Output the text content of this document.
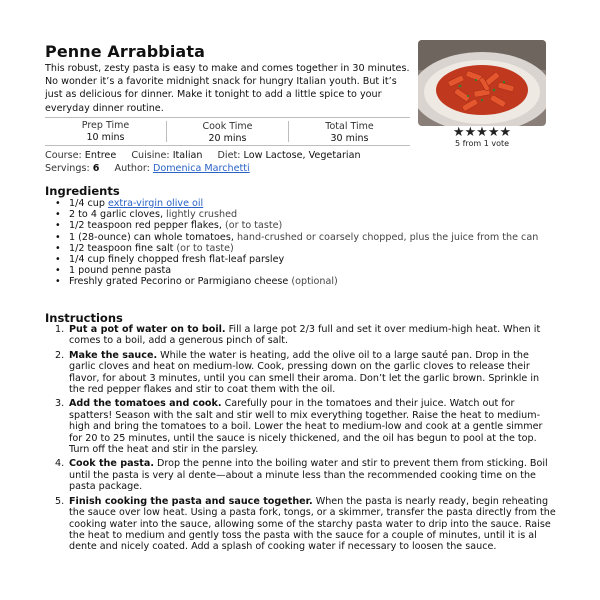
Penne Arrabbiata
This robust, zesty pasta is easy to make and comes together in 30 minutes. No wonder it’s a favorite midnight snack for hungry Italian youth. But it’s just as delicious for dinner. Make it tonight to add a little spice to your everyday dinner routine.
★★★★★
5 from 1 vote
Prep Time
10 mins
Cook Time
20 mins
Total Time
30 mins
Course: Entree Cuisine: Italian Diet: Low Lactose, Vegetarian
Servings: 6 Author: Domenica Marchetti
Ingredients
• 1/4 cup extra-virgin olive oil
• 2 to 4 garlic cloves, lightly crushed
• 1/2 teaspoon red pepper flakes, (or to taste)
• 1 (28-ounce) can whole tomatoes, hand-crushed or coarsely chopped, plus the juice from the can
• 1/2 teaspoon fine salt (or to taste)
• 1/4 cup finely chopped fresh flat-leaf parsley
• 1 pound penne pasta
• Freshly grated Pecorino or Parmigiano cheese (optional)
Instructions
1. Put a pot of water on to boil. Fill a large pot 2/3 full and set it over medium-high heat. When it comes to a boil, add a generous pinch of salt.
2. Make the sauce. While the water is heating, add the olive oil to a large sauté pan. Drop in the garlic cloves and heat on medium-low. Cook, pressing down on the garlic cloves to release their flavor, for about 3 minutes, until you can smell their aroma. Don’t let the garlic brown. Sprinkle in the red pepper flakes and stir to coat them with the oil.
3. Add the tomatoes and cook. Carefully pour in the tomatoes and their juice. Watch out for spatters! Season with the salt and stir well to mix everything together. Raise the heat to medium-high and bring the tomatoes to a boil. Lower the heat to medium-low and cook at a gentle simmer for 20 to 25 minutes, until the sauce is nicely thickened, and the oil has begun to pool at the top. Turn off the heat and stir in the parsley.
4. Cook the pasta. Drop the penne into the boiling water and stir to prevent them from sticking. Boil until the pasta is very al dente—about a minute less than the recommended cooking time on the pasta package.
5. Finish cooking the pasta and sauce together. When the pasta is nearly ready, begin reheating the sauce over low heat. Using a pasta fork, tongs, or a skimmer, transfer the pasta directly from the cooking water into the sauce, allowing some of the starchy pasta water to drip into the sauce. Raise the heat to medium and gently toss the pasta with the sauce for a couple of minutes, until it is al dente and nicely coated. Add a splash of cooking water if necessary to loosen the sauce.
